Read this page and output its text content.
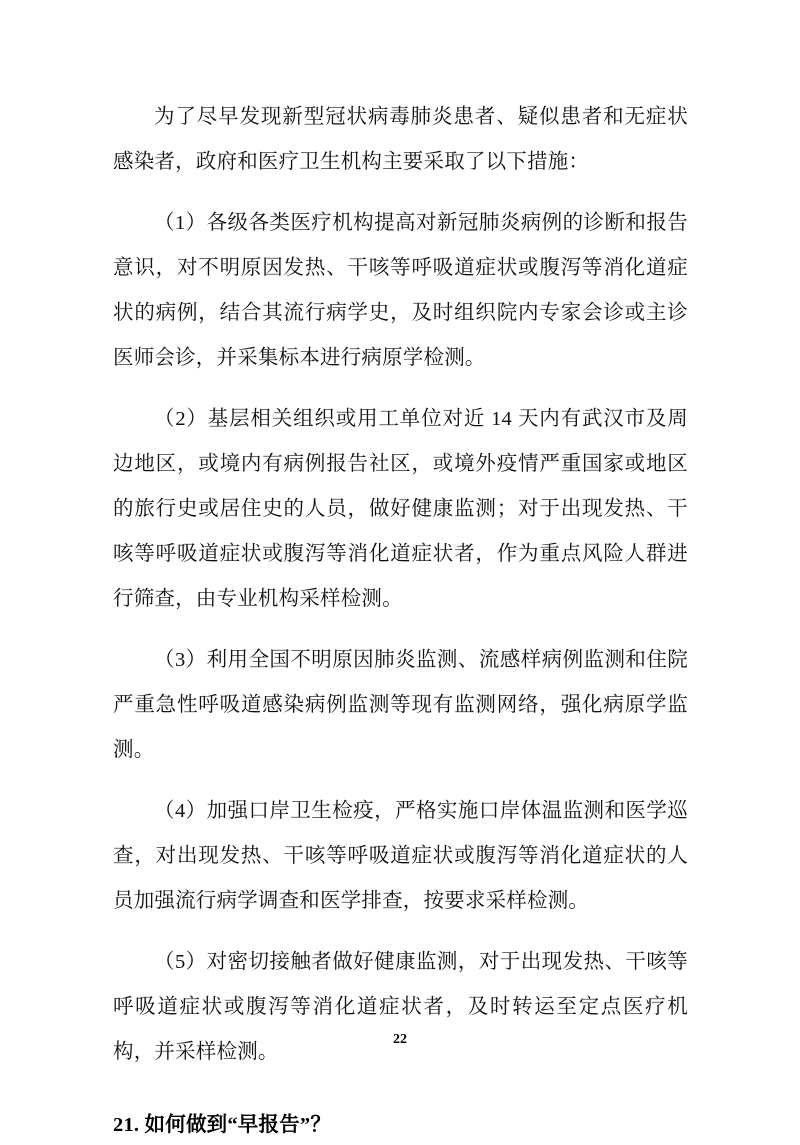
为了尽早发现新型冠状病毒肺炎患者、疑似患者和无症状感染者，政府和医疗卫生机构主要采取了以下措施：

（1）各级各类医疗机构提高对新冠肺炎病例的诊断和报告意识，对不明原因发热、干咳等呼吸道症状或腹泻等消化道症状的病例，结合其流行病学史，及时组织院内专家会诊或主诊医师会诊，并采集标本进行病原学检测。

（2）基层相关组织或用工单位对近 14 天内有武汉市及周边地区，或境内有病例报告社区，或境外疫情严重国家或地区的旅行史或居住史的人员，做好健康监测；对于出现发热、干咳等呼吸道症状或腹泻等消化道症状者，作为重点风险人群进行筛查，由专业机构采样检测。

（3）利用全国不明原因肺炎监测、流感样病例监测和住院严重急性呼吸道感染病例监测等现有监测网络，强化病原学监测。

（4）加强口岸卫生检疫，严格实施口岸体温监测和医学巡查，对出现发热、干咳等呼吸道症状或腹泻等消化道症状的人员加强流行病学调查和医学排查，按要求采样检测。

（5）对密切接触者做好健康监测，对于出现发热、干咳等呼吸道症状或腹泻等消化道症状者，及时转运至定点医疗机构，并采样检测。

21. 如何做到“早报告”？
22
